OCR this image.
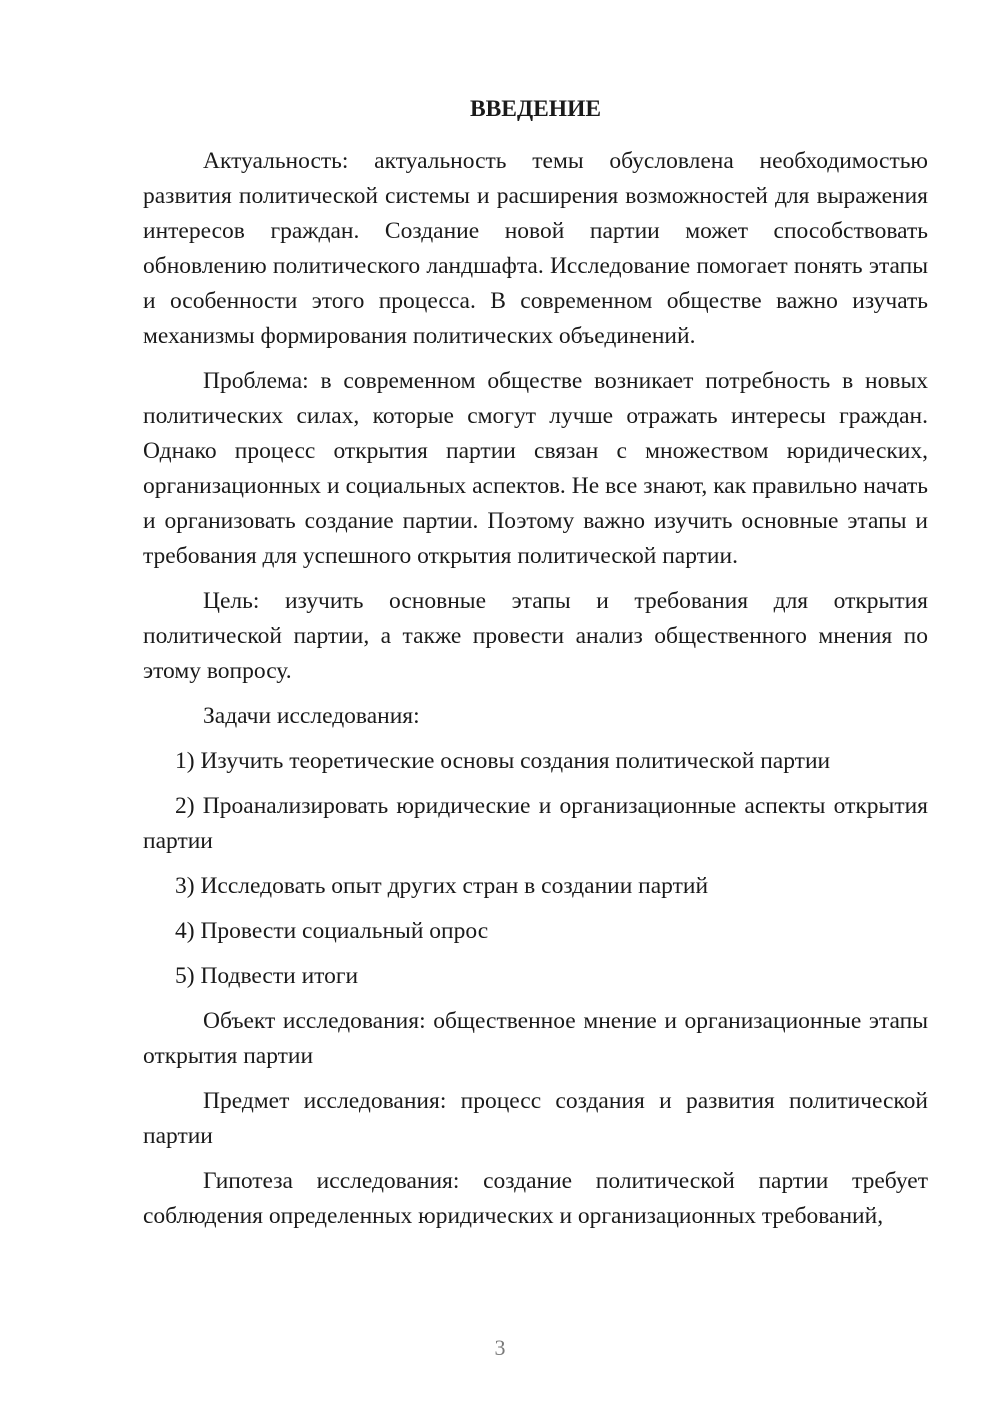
ВВЕДЕНИЕ

Актуальность: актуальность темы обусловлена необходимостью развития политической системы и расширения возможностей для выражения интересов граждан. Создание новой партии может способствовать обновлению политического ландшафта. Исследование помогает понять этапы и особенности этого процесса. В современном обществе важно изучать механизмы формирования политических объединений.

Проблема: в современном обществе возникает потребность в новых политических силах, которые смогут лучше отражать интересы граждан. Однако процесс открытия партии связан с множеством юридических, организационных и социальных аспектов. Не все знают, как правильно начать и организовать создание партии. Поэтому важно изучить основные этапы и требования для успешного открытия политической партии.

Цель: изучить основные этапы и требования для открытия политической партии, а также провести анализ общественного мнения по этому вопросу.

Задачи исследования:

1) Изучить теоретические основы создания политической партии

2) Проанализировать юридические и организационные аспекты открытия партии

3) Исследовать опыт других стран в создании партий

4) Провести социальный опрос

5) Подвести итоги

Объект исследования: общественное мнение и организационные этапы открытия партии

Предмет исследования: процесс создания и развития политической партии

Гипотеза исследования: создание политической партии требует соблюдения определенных юридических и организационных требований,

3
